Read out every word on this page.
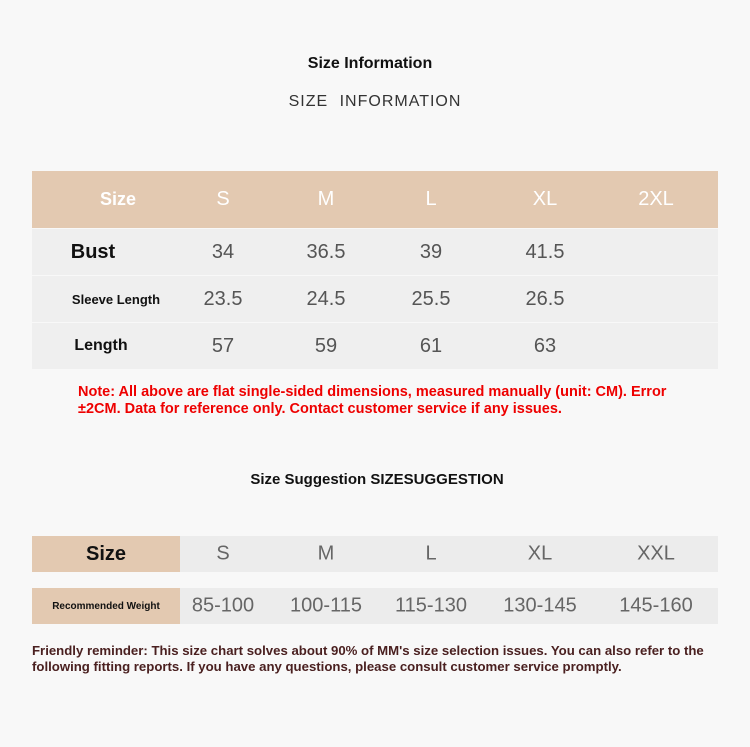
Size Information
SIZE INFORMATION
Size	S	M	L	XL	2XL
Bust	34	36.5	39	41.5
Sleeve Length 23.5	24.5	25.5	26.5
Length	57	59	61	63
Note: All above are flat single-sided dimensions, measured manually (unit: CM). Error ±2CM. Data for reference only. Contact customer service if any issues.
Size Suggestion SIZESUGGESTION
Size	S	M	L	XL	XXL
Recommended Weight	85-100 100-115 115-130 130-145 145-160
Friendly reminder: This size chart solves about 90% of MM's size selection issues. You can also refer to the following fitting reports. If you have any questions, please consult customer service promptly.
